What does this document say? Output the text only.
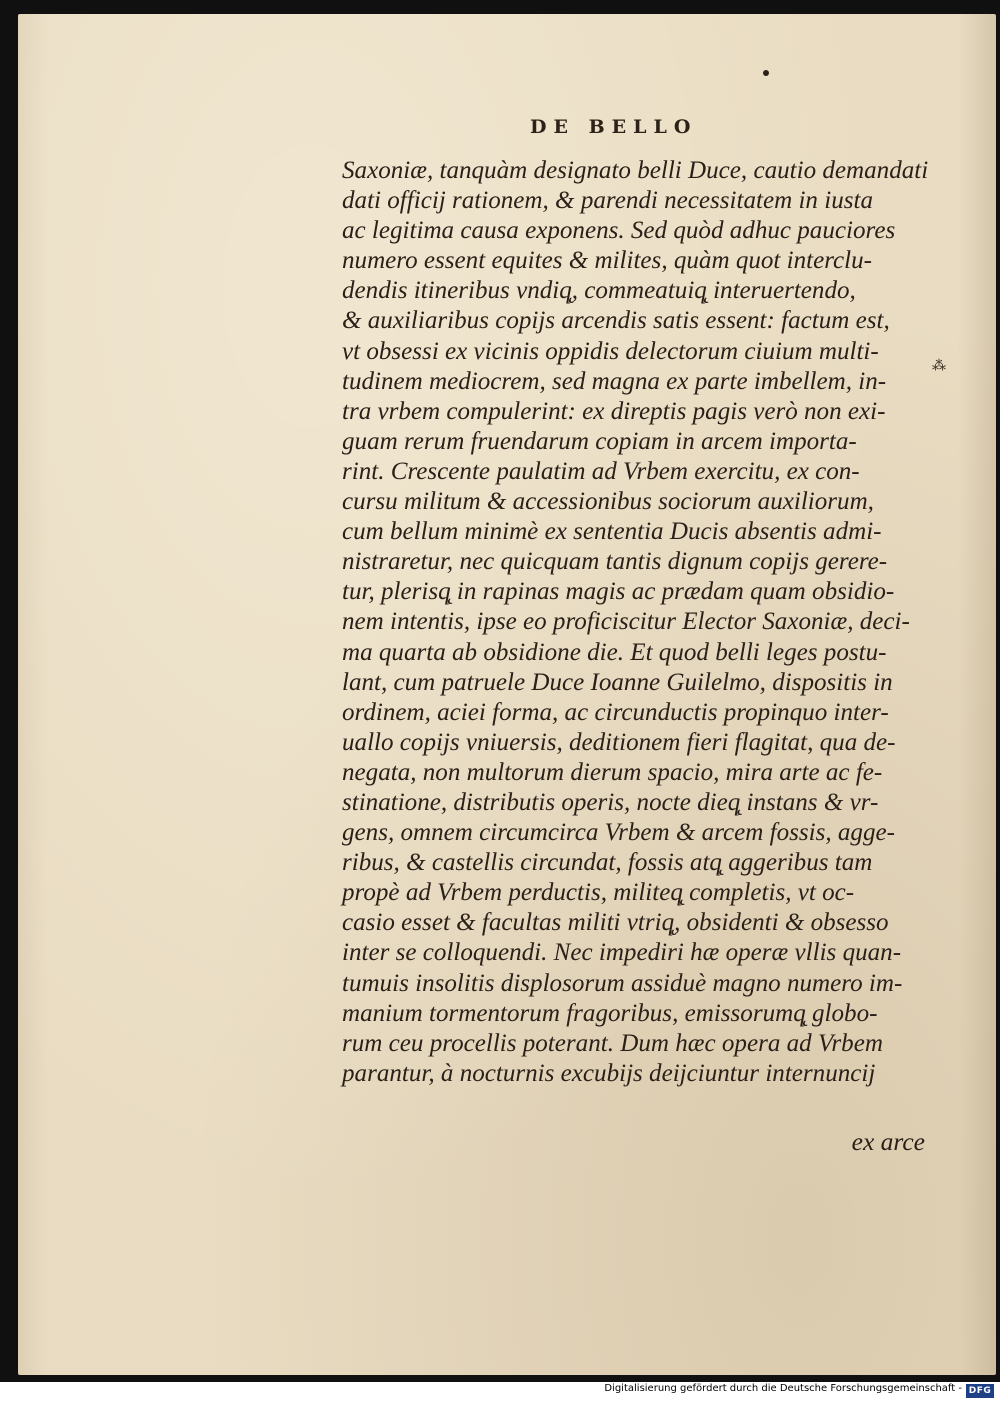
DE BELLO
Saxoniæ, tanquàm designato belli Duce, cautio demandati
dati officij rationem, & parendi necessitatem in iusta
ac legitima causa exponens. Sed quòd adhuc pauciores
numero essent equites & milites, quàm quot interclu-
dendis itineribus vndiq̨, commeatuiq̨ interuertendo,
& auxiliaribus copijs arcendis satis essent: factum est,
vt obsessi ex vicinis oppidis delectorum ciuium multi-
tudinem mediocrem, sed magna ex parte imbellem, in-
tra vrbem compulerint: ex direptis pagis verò non exi-
guam rerum fruendarum copiam in arcem importa-
rint. Crescente paulatim ad Vrbem exercitu, ex con-
cursu militum & accessionibus sociorum auxiliorum,
cum bellum minimè ex sententia Ducis absentis admi-
nistraretur, nec quicquam tantis dignum copijs gerere-
tur, plerisq̨ in rapinas magis ac prædam quam obsidio-
nem intentis, ipse eo proficiscitur Elector Saxoniæ, deci-
ma quarta ab obsidione die. Et quod belli leges postu-
lant, cum patruele Duce Ioanne Guilelmo, dispositis in
ordinem, aciei forma, ac circunductis propinquo inter-
uallo copijs vniuersis, deditionem fieri flagitat, qua de-
negata, non multorum dierum spacio, mira arte ac fe-
stinatione, distributis operis, nocte dieq̨ instans & vr-
gens, omnem circumcirca Vrbem & arcem fossis, agge-
ribus, & castellis circundat, fossis atq̨ aggeribus tam
propè ad Vrbem perductis, militeq̨ completis, vt oc-
casio esset & facultas militi vtriq̨, obsidenti & obsesso
inter se colloquendi. Nec impediri hæ operæ vllis quan-
tumuis insolitis displosorum assiduè magno numero im-
manium tormentorum fragoribus, emissorumq̨ globo-
rum ceu procellis poterant. Dum hæc opera ad Vrbem
parantur, à nocturnis excubijs deijciuntur internuncij
⁂
ex arce
Digitalisierung gefördert durch die Deutsche Forschungsgemeinschaft - DFG
